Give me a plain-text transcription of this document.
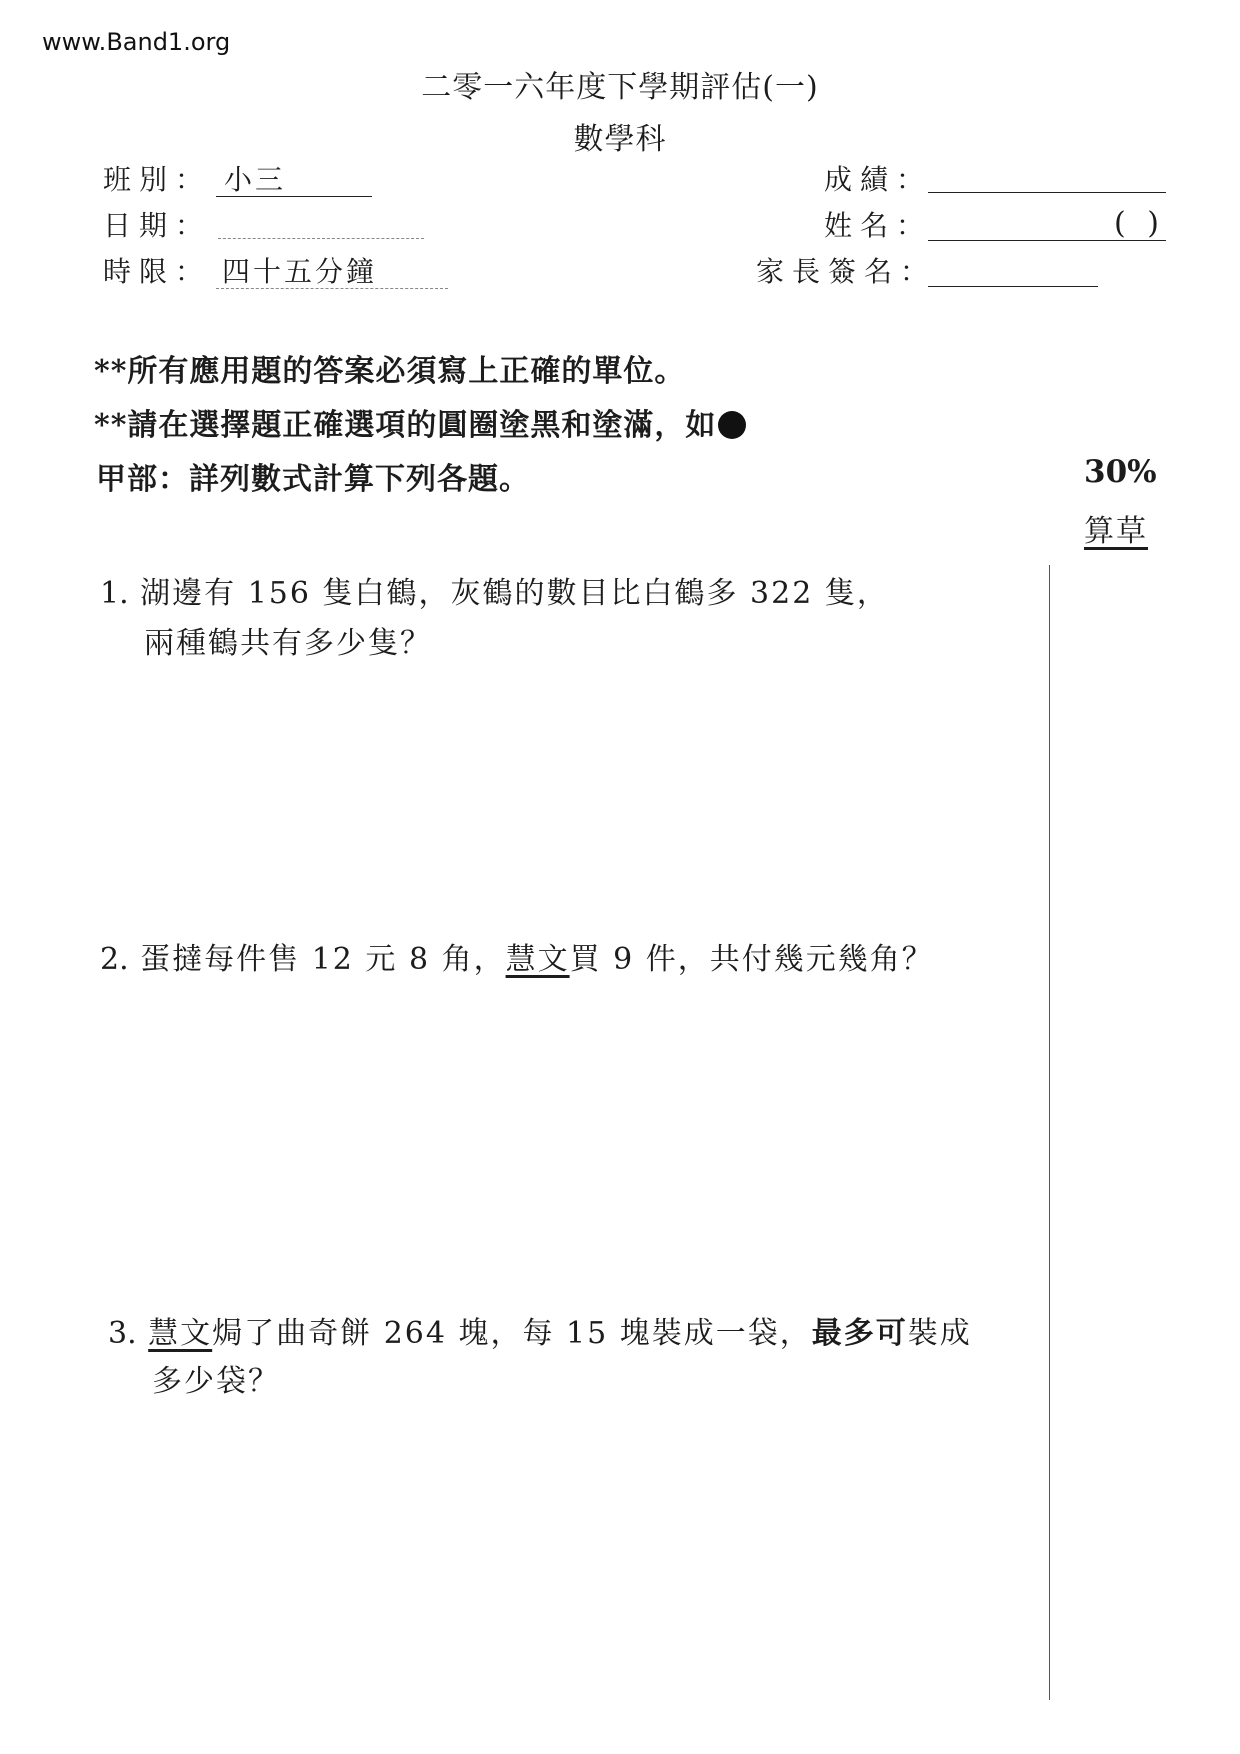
www.Band1.org
二零一六年度下學期評估(一)
數學科
班別： 小三
日期：
時限： 四十五分鐘
成績：
姓名：	( )
家長簽名：
**所有應用題的答案必須寫上正確的單位。
**請在選擇題正確選項的圓圈塗黑和塗滿，如
甲部：詳列數式計算下列各題。	30%
算草
1. 湖邊有 156 隻白鶴，灰鶴的數目比白鶴多 322 隻，
兩種鶴共有多少隻？
2. 蛋撻每件售 12 元 8 角，慧文買 9 件，共付幾元幾角？
3. 慧文焗了曲奇餅 264 塊，每 15 塊裝成一袋，最多可裝成
多少袋？
